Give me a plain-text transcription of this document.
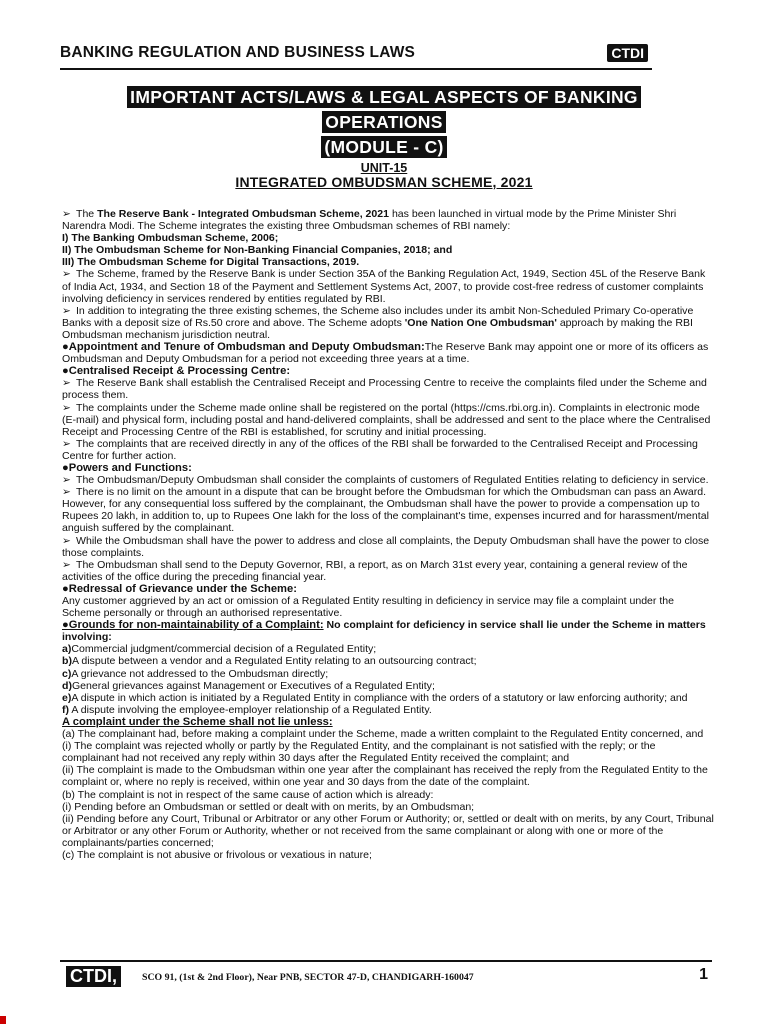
BANKING REGULATION AND BUSINESS LAWS	CTDI
IMPORTANT ACTS/LAWS & LEGAL ASPECTS OF BANKING
OPERATIONS
(MODULE - C)
UNIT-15
INTEGRATED OMBUDSMAN SCHEME, 2021

➢ The The Reserve Bank - Integrated Ombudsman Scheme, 2021 has been launched in virtual mode by the Prime Minister Shri Narendra Modi. The Scheme integrates the existing three Ombudsman schemes of RBI namely:

I) The Banking Ombudsman Scheme, 2006;

II) The Ombudsman Scheme for Non-Banking Financial Companies, 2018; and

III) The Ombudsman Scheme for Digital Transactions, 2019.

➢ The Scheme, framed by the Reserve Bank is under Section 35A of the Banking Regulation Act, 1949, Section 45L of the Reserve Bank of India Act, 1934, and Section 18 of the Payment and Settlement Systems Act, 2007, to provide cost-free redress of customer complaints involving deficiency in services rendered by entities regulated by RBI.

➢ In addition to integrating the three existing schemes, the Scheme also includes under its ambit Non-Scheduled Primary Co-operative Banks with a deposit size of Rs.50 crore and above. The Scheme adopts 'One Nation One Ombudsman' approach by making the RBI Ombudsman mechanism jurisdiction neutral.

●Appointment and Tenure of Ombudsman and Deputy Ombudsman:The Reserve Bank may appoint one or more of its officers as Ombudsman and Deputy Ombudsman for a period not exceeding three years at a time.

●Centralised Receipt & Processing Centre:

➢ The Reserve Bank shall establish the Centralised Receipt and Processing Centre to receive the complaints filed under the Scheme and process them.

➢ The complaints under the Scheme made online shall be registered on the portal (https://cms.rbi.org.in). Complaints in electronic mode (E-mail) and physical form, including postal and hand-delivered complaints, shall be addressed and sent to the place where the Centralised Receipt and Processing Centre of the RBI is established, for scrutiny and initial processing.

➢ The complaints that are received directly in any of the offices of the RBI shall be forwarded to the Centralised Receipt and Processing Centre for further action.

●Powers and Functions:

➢ The Ombudsman/Deputy Ombudsman shall consider the complaints of customers of Regulated Entities relating to deficiency in service.

➢ There is no limit on the amount in a dispute that can be brought before the Ombudsman for which the Ombudsman can pass an Award. However, for any consequential loss suffered by the complainant, the Ombudsman shall have the power to provide a compensation up to Rupees 20 lakh, in addition to, up to Rupees One lakh for the loss of the complainant's time, expenses incurred and for harassment/mental anguish suffered by the complainant.

➢ While the Ombudsman shall have the power to address and close all complaints, the Deputy Ombudsman shall have the power to close those complaints.

➢ The Ombudsman shall send to the Deputy Governor, RBI, a report, as on March 31st every year, containing a general review of the activities of the office during the preceding financial year.

●Redressal of Grievance under the Scheme:

Any customer aggrieved by an act or omission of a Regulated Entity resulting in deficiency in service may file a complaint under the Scheme personally or through an authorised representative.

●Grounds for non-maintainability of a Complaint: No complaint for deficiency in service shall lie under the Scheme in matters involving:

a)Commercial judgment/commercial decision of a Regulated Entity;

b)A dispute between a vendor and a Regulated Entity relating to an outsourcing contract;

c)A grievance not addressed to the Ombudsman directly;

d)General grievances against Management or Executives of a Regulated Entity;

e)A dispute in which action is initiated by a Regulated Entity in compliance with the orders of a statutory or law enforcing authority; and

f) A dispute involving the employee-employer relationship of a Regulated Entity.

A complaint under the Scheme shall not lie unless:

(a) The complainant had, before making a complaint under the Scheme, made a written complaint to the Regulated Entity concerned, and

(i) The complaint was rejected wholly or partly by the Regulated Entity, and the complainant is not satisfied with the reply; or the complainant had not received any reply within 30 days after the Regulated Entity received the complaint; and

(ii) The complaint is made to the Ombudsman within one year after the complainant has received the reply from the Regulated Entity to the complaint or, where no reply is received, within one year and 30 days from the date of the complaint.

(b) The complaint is not in respect of the same cause of action which is already:

(i) Pending before an Ombudsman or settled or dealt with on merits, by an Ombudsman;

(ii) Pending before any Court, Tribunal or Arbitrator or any other Forum or Authority; or, settled or dealt with on merits, by any Court, Tribunal or Arbitrator or any other Forum or Authority, whether or not received from the same complainant or along with one or more of the complainants/parties concerned;

(c) The complaint is not abusive or frivolous or vexatious in nature;

CTDI,	SCO 91, (1st & 2nd Floor), Near PNB, SECTOR 47-D, CHANDIGARH-160047	1
